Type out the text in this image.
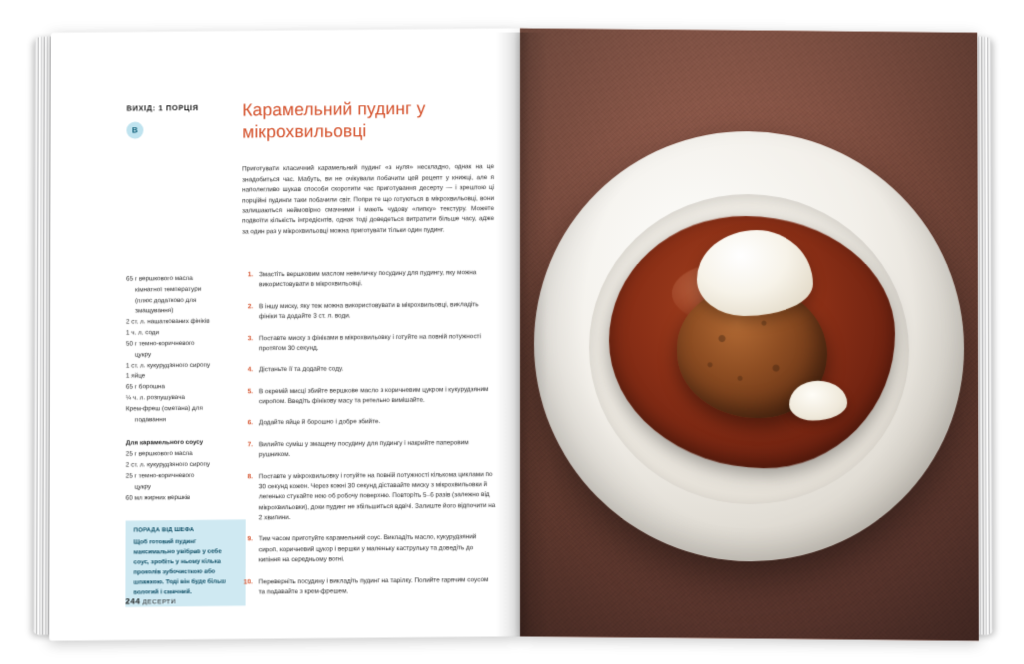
ВИХІД: 1 ПОРЦІЯ
В
Карамельний пудинг у мікрохвильовці

Приготувати класичний карамельний пудинг «з нуля» нескладно, однак на це знадобиться час. Мабуть, ви не очікували побачити цей рецепт у книжці, але я наполегливо шукав способи скоротити час приготування десерту — і зрештою ці порційні пудинги таки побачили світ. Попри те що готуються в мікрохвильовці, вони залишаються неймовірно смачними і мають чудову «липку» текстуру. Можете подвоїти кількість інгредієнтів, однак тоді доведеться витратити більше часу, адже за один раз у мікрохвильовці можна приготувати тільки один пудинг.

65 г вершкового масла
кімнатної температури
(плюс додатково для
змащування)
2 ст. л. нашаткованих фініків
1 ч. л. соди
50 г темно-коричневого
цукру
1 ст. л. кукурудзяного сиропу
1 яйце
65 г борошна
¼ ч. л. розпушувача
Крем-фреш (сметана) для
подавання
Для карамельного соусу
25 г вершкового масла
2 ст. л. кукурудзяного сиропу
25 г темно-коричневого
цукру
60 мл жирних вершків
ПОРАДА ВІД ШЕФА
Щоб готовий пудинг максимально увібрав у себе соус, зробіть у ньому кілька проколів зубочисткою або шпажкою. Тоді він буде більш вологий і смачний.
1. Змастіть вершковим маслом невеличку посудину для пудингу, яку можна використовувати в мікрохвильовці.
2. В іншу миску, яку теж можна використовувати в мікрохвильовці, викладіть фініки та додайте 3 ст. л. води.
3. Поставте миску з фініками в мікрохвильовку і готуйте на повній потужності протягом 30 секунд.
4. Дістаньте її та додайте соду.
5. В окремій мисці збийте вершкове масло з коричневим цукром і кукурудзяним сиропом. Введіть фінікову масу та ретельно вимішайте.
6. Додайте яйце й борошно і добре збийте.
7. Вилийте суміш у змащену посудину для пудингу і накрийте паперовим рушником.
8. Поставте у мікрохвильовку і готуйте на повній потужності кількома циклами по 30 секунд кожен. Через кожні 30 секунд діставайте миску з мікрохвильовки й легенько стукайте нею об робочу поверхню. Повторіть 5–6 разів (залежно від мікрохвильовки), доки пудинг не збільшиться вдвічі. Залиште його відпочити на 2 хвилини.
9. Тим часом приготуйте карамельний соус. Викладіть масло, кукурудзяний сироп, коричневий цукор і вершки у маленьку каструльку та доведіть до кипіння на середньому вогні.
10. Переверніть посудину і викладіть пудинг на тарілку. Полийте гарячим соусом та подавайте з крем-фрешем.
244 ДЕСЕРТИ
